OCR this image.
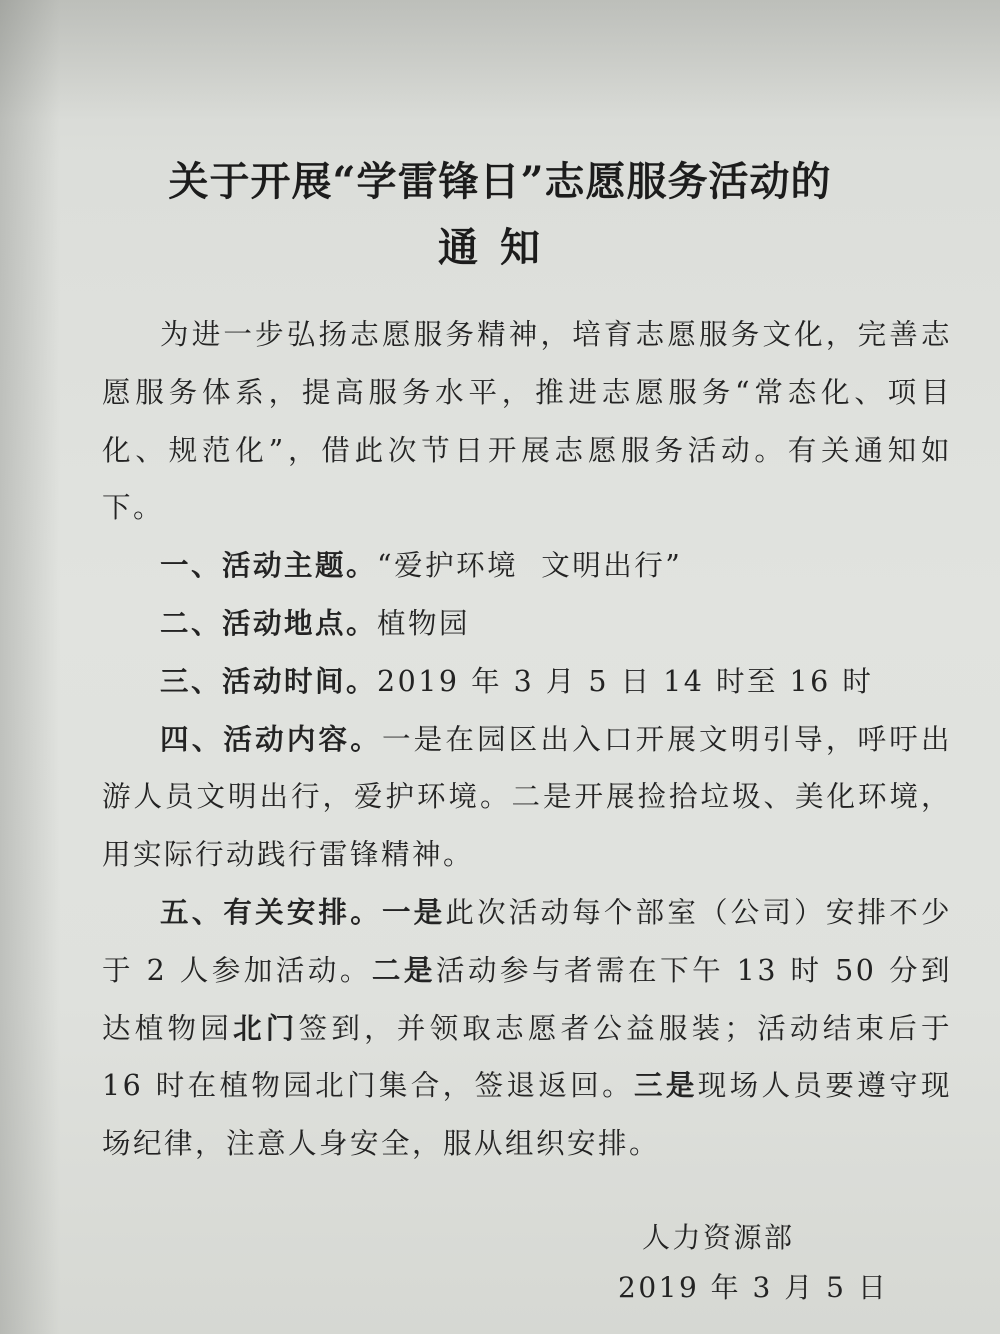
关于开展“学雷锋日”志愿服务活动的
通知

为进一步弘扬志愿服务精神，培育志愿服务文化，完善志愿服务体系，提高服务水平，推进志愿服务“常态化、项目化、规范化”，借此次节日开展志愿服务活动。有关通知如下。

一、活动主题。“爱护环境  文明出行”

二、活动地点。植物园

三、活动时间。2019 年 3 月 5 日 14 时至 16 时

四、活动内容。一是在园区出入口开展文明引导，呼吁出游人员文明出行，爱护环境。二是开展捡拾垃圾、美化环境，用实际行动践行雷锋精神。

五、有关安排。一是此次活动每个部室（公司）安排不少于 2 人参加活动。二是活动参与者需在下午 13 时 50 分到达植物园北门签到，并领取志愿者公益服装；活动结束后于 16 时在植物园北门集合，签退返回。三是现场人员要遵守现场纪律，注意人身安全，服从组织安排。

人力资源部
2019 年 3 月 5 日
